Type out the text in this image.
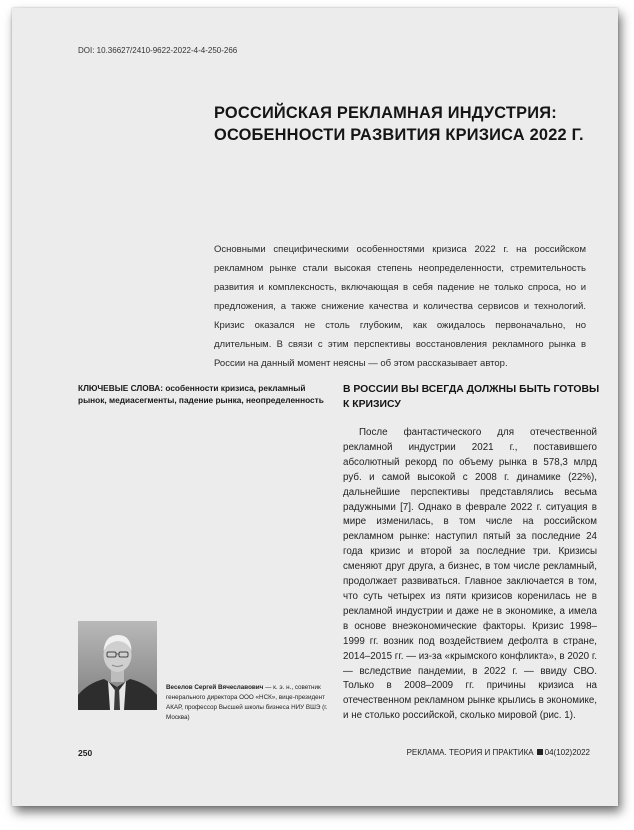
DOI: 10.36627/2410-9622-2022-4-4-250-266
РОССИЙСКАЯ РЕКЛАМНАЯ ИНДУСТРИЯ:
ОСОБЕННОСТИ РАЗВИТИЯ КРИЗИСА 2022 Г.

Основными специфическими особенностями кризиса 2022 г. на российском рекламном рынке стали высокая степень неопределенности, стремительность развития и комплексность, включающая в себя падение не только спроса, но и предложения, а также снижение качества и количества сервисов и технологий. Кризис оказался не столь глубоким, как ожидалось первоначально, но длительным. В связи с этим перспективы восстановления рекламного рынка в России на данный момент неясны — об этом рассказывает автор.

КЛЮЧЕВЫЕ СЛОВА: особенности кризиса, рекламный рынок, медиасегменты, падение рынка, неопределенность

В РОССИИ ВЫ ВСЕГДА ДОЛЖНЫ БЫТЬ ГОТОВЫ К КРИЗИСУ

После фантастического для отечественной рекламной индустрии 2021 г., поставившего абсолютный рекорд по объему рынка в 578,3 млрд руб. и самой высокой с 2008 г. динамике (22%), дальнейшие перспективы представлялись весьма радужными [7]. Однако в феврале 2022 г. ситуация в мире изменилась, в том числе на российском рекламном рынке: наступил пятый за последние 24 года кризис и второй за последние три. Кризисы сменяют друг друга, а бизнес, в том числе рекламный, продолжает развиваться. Главное заключается в том, что суть четырех из пяти кризисов коренилась не в рекламной индустрии и даже не в экономике, а имела в основе внеэкономические факторы. Кризис 1998–1999 гг. возник под воздействием дефолта в стране, 2014–2015 гг. — из-за «крымского конфликта», в 2020 г. — вследствие пандемии, в 2022 г. — ввиду СВО. Только в 2008–2009 гг. причины кризиса на отечественном рекламном рынке крылись в экономике, и не столько российской, сколько мировой (рис. 1).

Веселов Сергей Вячеславович — к. э. н., советник генерального директора ООО «НСК», вице-президент АКАР, профессор Высшей школы бизнеса НИУ ВШЭ (г. Москва)

250	РЕКЛАМА. ТЕОРИЯ И ПРАКТИКА 04(102)2022
